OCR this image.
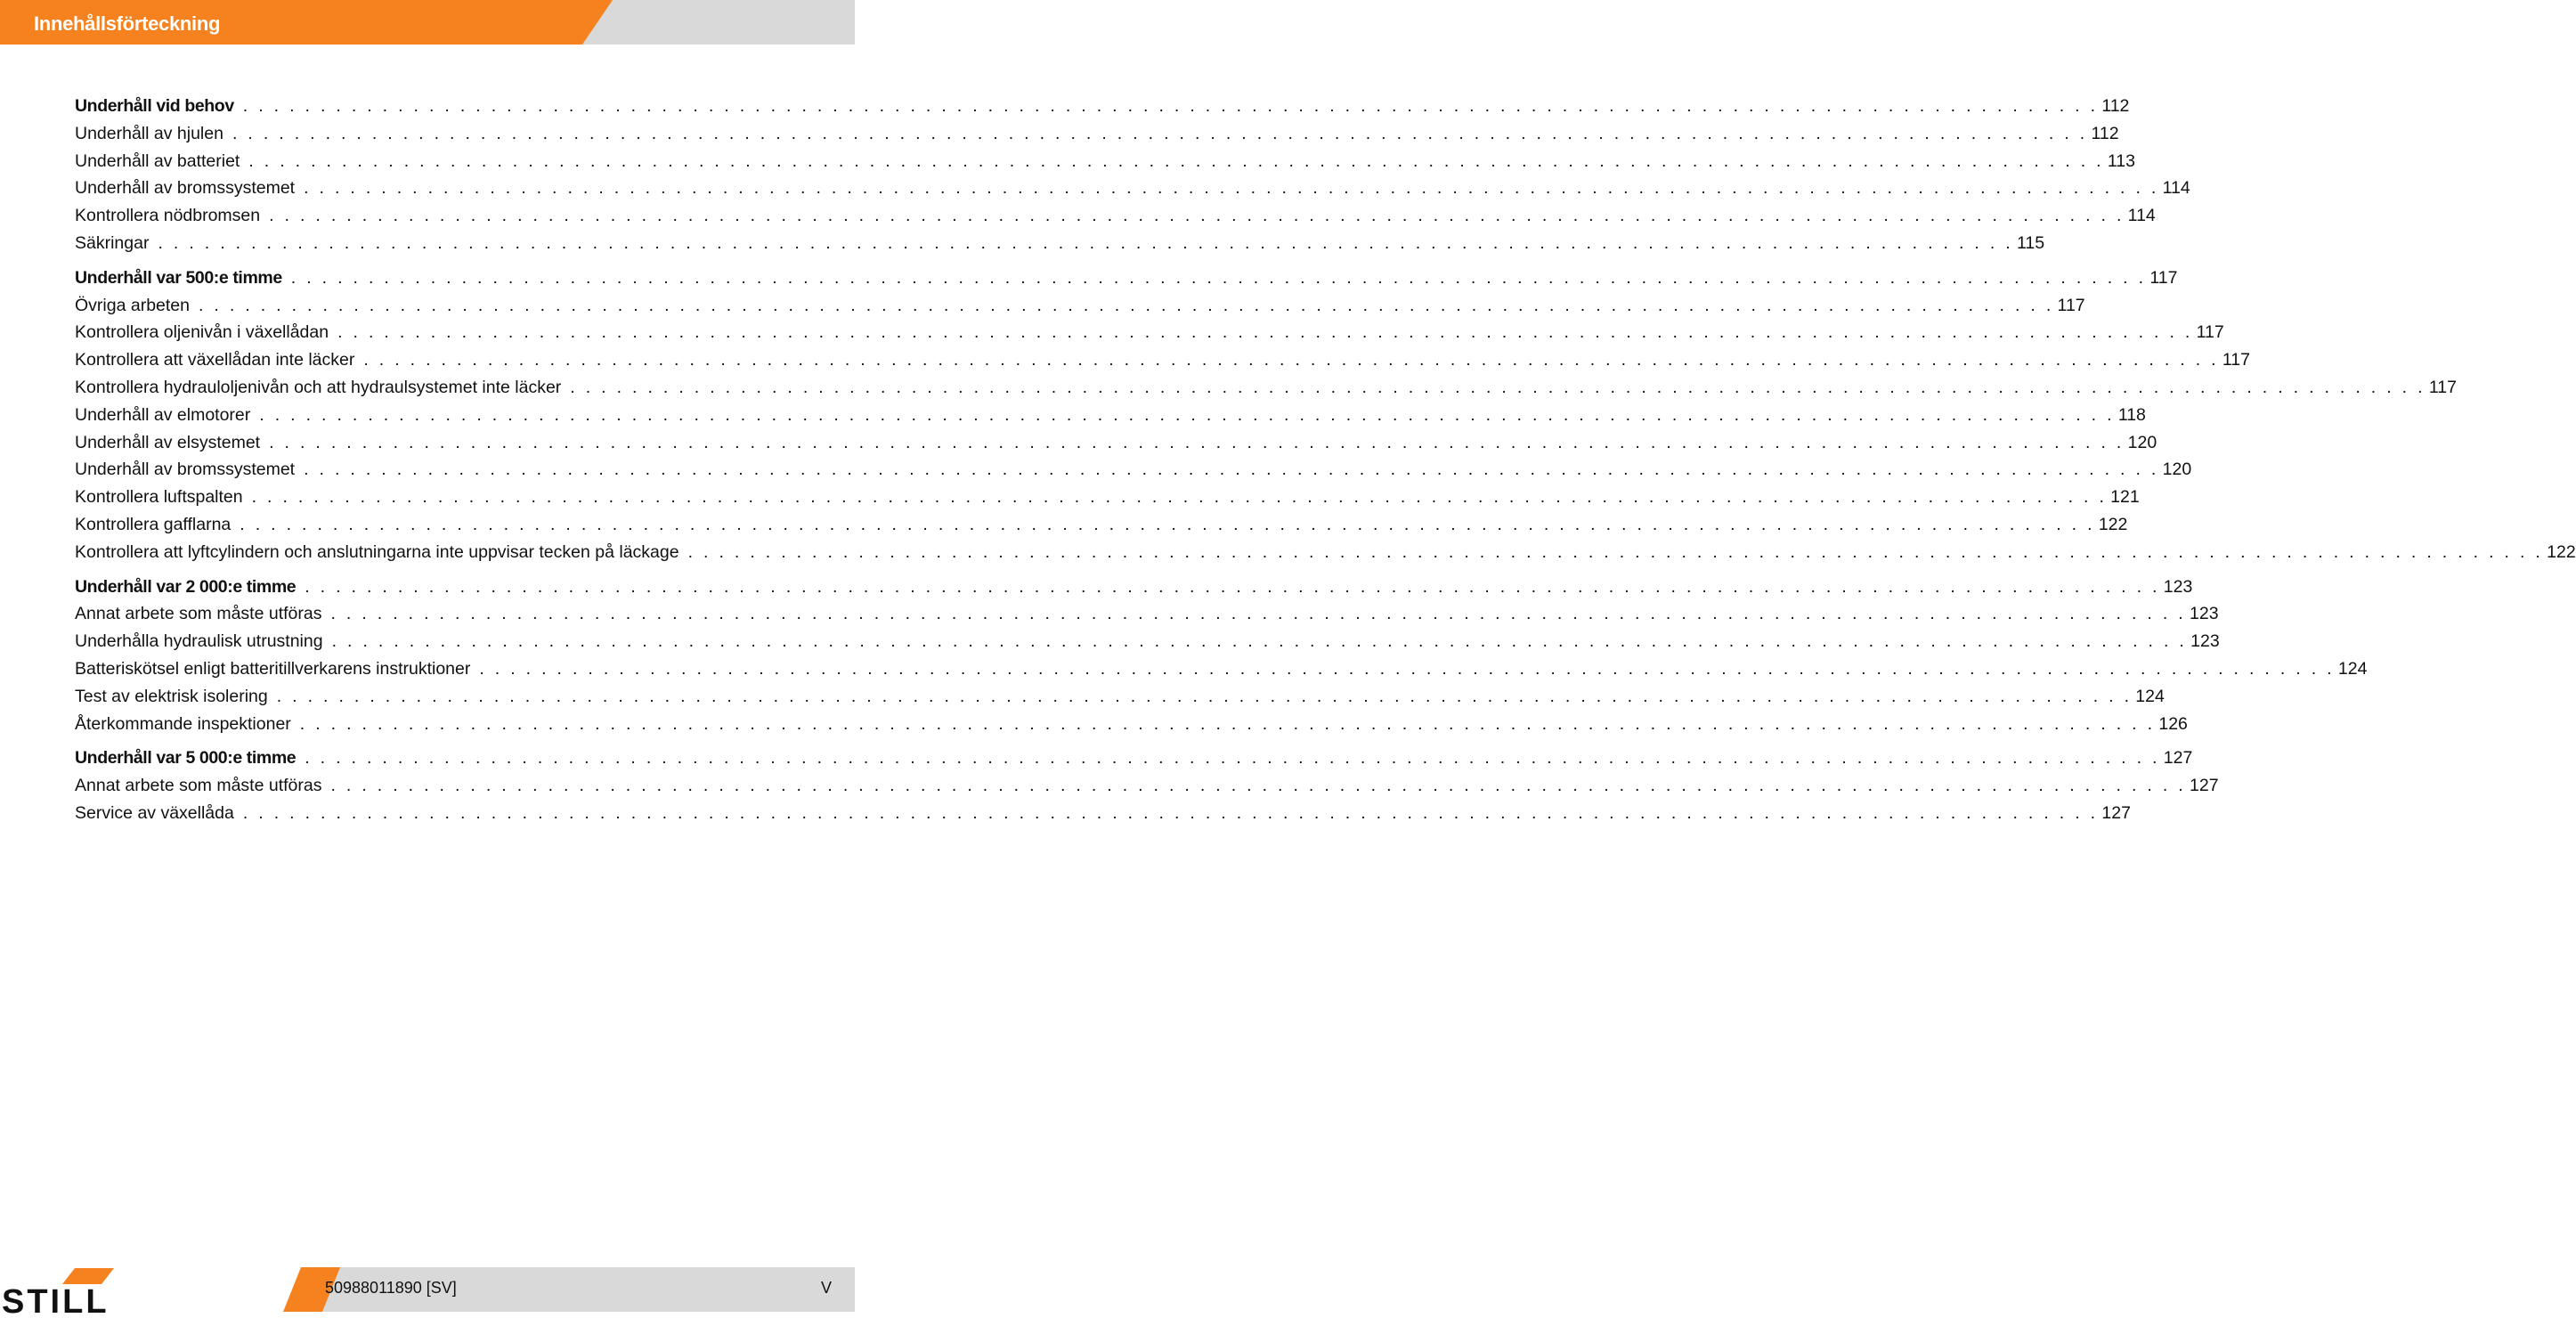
Innehållsförteckning
Underhåll vid behov . . . . . . . . . . . . . . . . . . . . . . . . . . . . . . . . . . . . . . . . . . . . . . . . . . . . . . . . . . . . . . . . . . . . . . . . . . . . . . . . . . . . . . . . . . . . . . . . . . . . . . . . . . . . . . . . . . . . . . . . 112
Underhåll av hjulen . . . . . . . . . . . . . . . . . . . . . . . . . . . . . . . . . . . . . . . . . . . . . . . . . . . . . . . . . . . . . . . . . . . . . . . . . . . . . . . . . . . . . . . . . . . . . . . . . . . . . . . . . . . . . . . . . . . . . . . . 112
Underhåll av batteriet . . . . . . . . . . . . . . . . . . . . . . . . . . . . . . . . . . . . . . . . . . . . . . . . . . . . . . . . . . . . . . . . . . . . . . . . . . . . . . . . . . . . . . . . . . . . . . . . . . . . . . . . . . . . . . . . . . . . . . . . 113
Underhåll av bromssystemet . . . . . . . . . . . . . . . . . . . . . . . . . . . . . . . . . . . . . . . . . . . . . . . . . . . . . . . . . . . . . . . . . . . . . . . . . . . . . . . . . . . . . . . . . . . . . . . . . . . . . . . . . . . . . . . . . . . . . . . . 114
Kontrollera nödbromsen . . . . . . . . . . . . . . . . . . . . . . . . . . . . . . . . . . . . . . . . . . . . . . . . . . . . . . . . . . . . . . . . . . . . . . . . . . . . . . . . . . . . . . . . . . . . . . . . . . . . . . . . . . . . . . . . . . . . . . . . 114
Säkringar . . . . . . . . . . . . . . . . . . . . . . . . . . . . . . . . . . . . . . . . . . . . . . . . . . . . . . . . . . . . . . . . . . . . . . . . . . . . . . . . . . . . . . . . . . . . . . . . . . . . . . . . . . . . . . . . . . . . . . . . 115
Underhåll var 500:e timme . . . . . . . . . . . . . . . . . . . . . . . . . . . . . . . . . . . . . . . . . . . . . . . . . . . . . . . . . . . . . . . . . . . . . . . . . . . . . . . . . . . . . . . . . . . . . . . . . . . . . . . . . . . . . . . . . . . . . . . . 117
Övriga arbeten . . . . . . . . . . . . . . . . . . . . . . . . . . . . . . . . . . . . . . . . . . . . . . . . . . . . . . . . . . . . . . . . . . . . . . . . . . . . . . . . . . . . . . . . . . . . . . . . . . . . . . . . . . . . . . . . . . . . . . . . 117
Kontrollera oljenivån i växellådan . . . . . . . . . . . . . . . . . . . . . . . . . . . . . . . . . . . . . . . . . . . . . . . . . . . . . . . . . . . . . . . . . . . . . . . . . . . . . . . . . . . . . . . . . . . . . . . . . . . . . . . . . . . . . . . . . . . . . . . . 117
Kontrollera att växellådan inte läcker . . . . . . . . . . . . . . . . . . . . . . . . . . . . . . . . . . . . . . . . . . . . . . . . . . . . . . . . . . . . . . . . . . . . . . . . . . . . . . . . . . . . . . . . . . . . . . . . . . . . . . . . . . . . . . . . . . . . . . . . 117
Kontrollera hydrauloljenivån och att hydraulsystemet inte läcker . . . . . . . . . . . . . . . . . . . . . . . . . . . . . . . . . . . . . . . . . . . . . . . . . . . . . . . . . . . . . . . . . . . . . . . . . . . . . . . . . . . . . . . . . . . . . . . . . . . . . . . . . . . . . . . . . . . . . . . . 117
Underhåll av elmotorer . . . . . . . . . . . . . . . . . . . . . . . . . . . . . . . . . . . . . . . . . . . . . . . . . . . . . . . . . . . . . . . . . . . . . . . . . . . . . . . . . . . . . . . . . . . . . . . . . . . . . . . . . . . . . . . . . . . . . . . . 118
Underhåll av elsystemet . . . . . . . . . . . . . . . . . . . . . . . . . . . . . . . . . . . . . . . . . . . . . . . . . . . . . . . . . . . . . . . . . . . . . . . . . . . . . . . . . . . . . . . . . . . . . . . . . . . . . . . . . . . . . . . . . . . . . . . . 120
Underhåll av bromssystemet . . . . . . . . . . . . . . . . . . . . . . . . . . . . . . . . . . . . . . . . . . . . . . . . . . . . . . . . . . . . . . . . . . . . . . . . . . . . . . . . . . . . . . . . . . . . . . . . . . . . . . . . . . . . . . . . . . . . . . . . 120
Kontrollera luftspalten . . . . . . . . . . . . . . . . . . . . . . . . . . . . . . . . . . . . . . . . . . . . . . . . . . . . . . . . . . . . . . . . . . . . . . . . . . . . . . . . . . . . . . . . . . . . . . . . . . . . . . . . . . . . . . . . . . . . . . . . 121
Kontrollera gafflarna . . . . . . . . . . . . . . . . . . . . . . . . . . . . . . . . . . . . . . . . . . . . . . . . . . . . . . . . . . . . . . . . . . . . . . . . . . . . . . . . . . . . . . . . . . . . . . . . . . . . . . . . . . . . . . . . . . . . . . . . 122
Kontrollera att lyftcylindern och anslutningarna inte uppvisar tecken på läckage . . . . . . . . . . . . . . . . . . . . . . . . . . . . . . . . . . . . . . . . . . . . . . . . . . . . . . . . . . . . . . . . . . . . . . . . . . . . . . . . . . . . . . . . . . . . . . . . . . . . . . . . . . . . . . . . . . . . . . . . 122
Underhåll var 2 000:e timme . . . . . . . . . . . . . . . . . . . . . . . . . . . . . . . . . . . . . . . . . . . . . . . . . . . . . . . . . . . . . . . . . . . . . . . . . . . . . . . . . . . . . . . . . . . . . . . . . . . . . . . . . . . . . . . . . . . . . . . . 123
Annat arbete som måste utföras . . . . . . . . . . . . . . . . . . . . . . . . . . . . . . . . . . . . . . . . . . . . . . . . . . . . . . . . . . . . . . . . . . . . . . . . . . . . . . . . . . . . . . . . . . . . . . . . . . . . . . . . . . . . . . . . . . . . . . . . 123
Underhålla hydraulisk utrustning . . . . . . . . . . . . . . . . . . . . . . . . . . . . . . . . . . . . . . . . . . . . . . . . . . . . . . . . . . . . . . . . . . . . . . . . . . . . . . . . . . . . . . . . . . . . . . . . . . . . . . . . . . . . . . . . . . . . . . . . 123
Batteriskötsel enligt batteritillverkarens instruktioner . . . . . . . . . . . . . . . . . . . . . . . . . . . . . . . . . . . . . . . . . . . . . . . . . . . . . . . . . . . . . . . . . . . . . . . . . . . . . . . . . . . . . . . . . . . . . . . . . . . . . . . . . . . . . . . . . . . . . . . . 124
Test av elektrisk isolering . . . . . . . . . . . . . . . . . . . . . . . . . . . . . . . . . . . . . . . . . . . . . . . . . . . . . . . . . . . . . . . . . . . . . . . . . . . . . . . . . . . . . . . . . . . . . . . . . . . . . . . . . . . . . . . . . . . . . . . . 124
Återkommande inspektioner . . . . . . . . . . . . . . . . . . . . . . . . . . . . . . . . . . . . . . . . . . . . . . . . . . . . . . . . . . . . . . . . . . . . . . . . . . . . . . . . . . . . . . . . . . . . . . . . . . . . . . . . . . . . . . . . . . . . . . . . 126
Underhåll var 5 000:e timme . . . . . . . . . . . . . . . . . . . . . . . . . . . . . . . . . . . . . . . . . . . . . . . . . . . . . . . . . . . . . . . . . . . . . . . . . . . . . . . . . . . . . . . . . . . . . . . . . . . . . . . . . . . . . . . . . . . . . . . . 127
Annat arbete som måste utföras . . . . . . . . . . . . . . . . . . . . . . . . . . . . . . . . . . . . . . . . . . . . . . . . . . . . . . . . . . . . . . . . . . . . . . . . . . . . . . . . . . . . . . . . . . . . . . . . . . . . . . . . . . . . . . . . . . . . . . . . 127
Service av växellåda . . . . . . . . . . . . . . . . . . . . . . . . . . . . . . . . . . . . . . . . . . . . . . . . . . . . . . . . . . . . . . . . . . . . . . . . . . . . . . . . . . . . . . . . . . . . . . . . . . . . . . . . . . . . . . . . . . . . . . . . 127
STILL	50988011890 [SV]	V
